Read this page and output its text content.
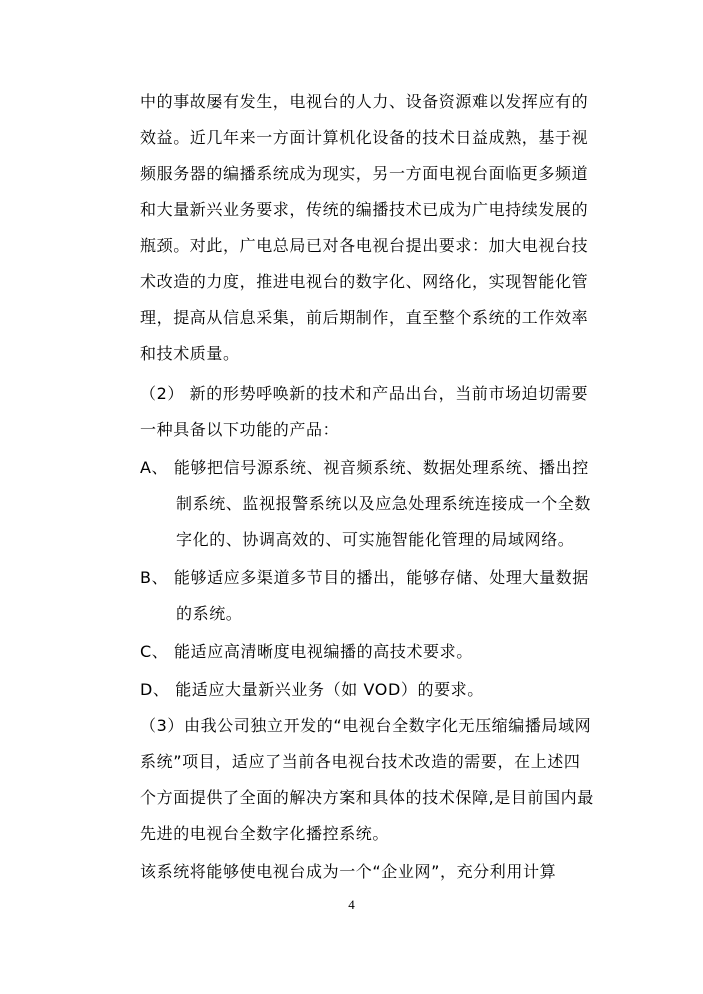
中的事故屡有发生，电视台的人力、设备资源难以发挥应有的
效益。近几年来一方面计算机化设备的技术日益成熟，基于视
频服务器的编播系统成为现实，另一方面电视台面临更多频道
和大量新兴业务要求，传统的编播技术已成为广电持续发展的
瓶颈。对此，广电总局已对各电视台提出要求：加大电视台技
术改造的力度，推进电视台的数字化、网络化，实现智能化管
理，提高从信息采集，前后期制作，直至整个系统的工作效率
和技术质量。
（2） 新的形势呼唤新的技术和产品出台，当前市场迫切需要
一种具备以下功能的产品：
A、 能够把信号源系统、视音频系统、数据处理系统、播出控
制系统、监视报警系统以及应急处理系统连接成一个全数
字化的、协调高效的、可实施智能化管理的局域网络。
B、 能够适应多渠道多节目的播出，能够存储、处理大量数据
的系统。
C、 能适应高清晰度电视编播的高技术要求。
D、 能适应大量新兴业务（如 VOD）的要求。
（3）由我公司独立开发的“电视台全数字化无压缩编播局域网
系统”项目，适应了当前各电视台技术改造的需要，在上述四
个方面提供了全面的解决方案和具体的技术保障,是目前国内最
先进的电视台全数字化播控系统。
该系统将能够使电视台成为一个“企业网”，充分利用计算
4
